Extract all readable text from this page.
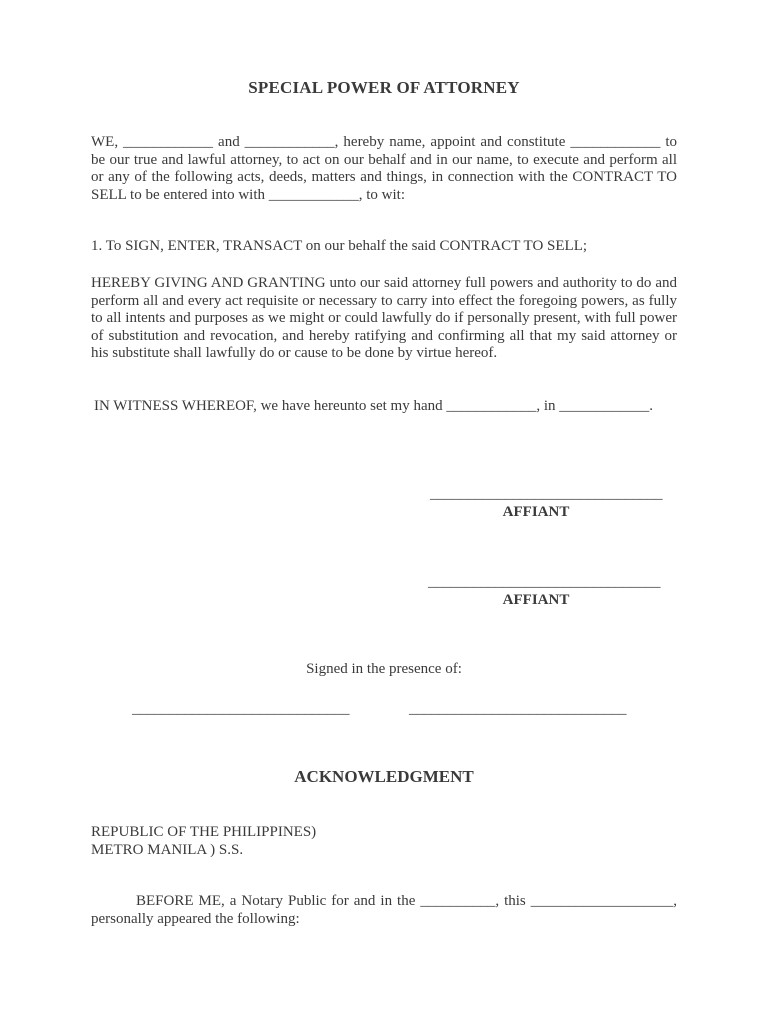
SPECIAL POWER OF ATTORNEY
WE, ____________ and ____________, hereby name, appoint and constitute ____________ to be our true and lawful attorney, to act on our behalf and in our name, to execute and perform all or any of the following acts, deeds, matters and things, in connection with the CONTRACT TO SELL to be entered into with ____________, to wit:
1. To SIGN, ENTER, TRANSACT on our behalf the said CONTRACT TO SELL;
HEREBY GIVING AND GRANTING unto our said attorney full powers and authority to do and perform all and every act requisite or necessary to carry into effect the foregoing powers, as fully to all intents and purposes as we might or could lawfully do if personally present, with full power of substitution and revocation, and hereby ratifying and confirming all that my said attorney or his substitute shall lawfully do or cause to be done by virtue hereof.
IN WITNESS WHEREOF, we have hereunto set my hand ____________, in ____________.
_______________________________
AFFIANT
_______________________________
AFFIANT
Signed in the presence of:
_____________________________	_____________________________
ACKNOWLEDGMENT
REPUBLIC OF THE PHILIPPINES)
METRO MANILA ) S.S.
BEFORE ME, a Notary Public for and in the __________, this ___________________, personally appeared the following:
